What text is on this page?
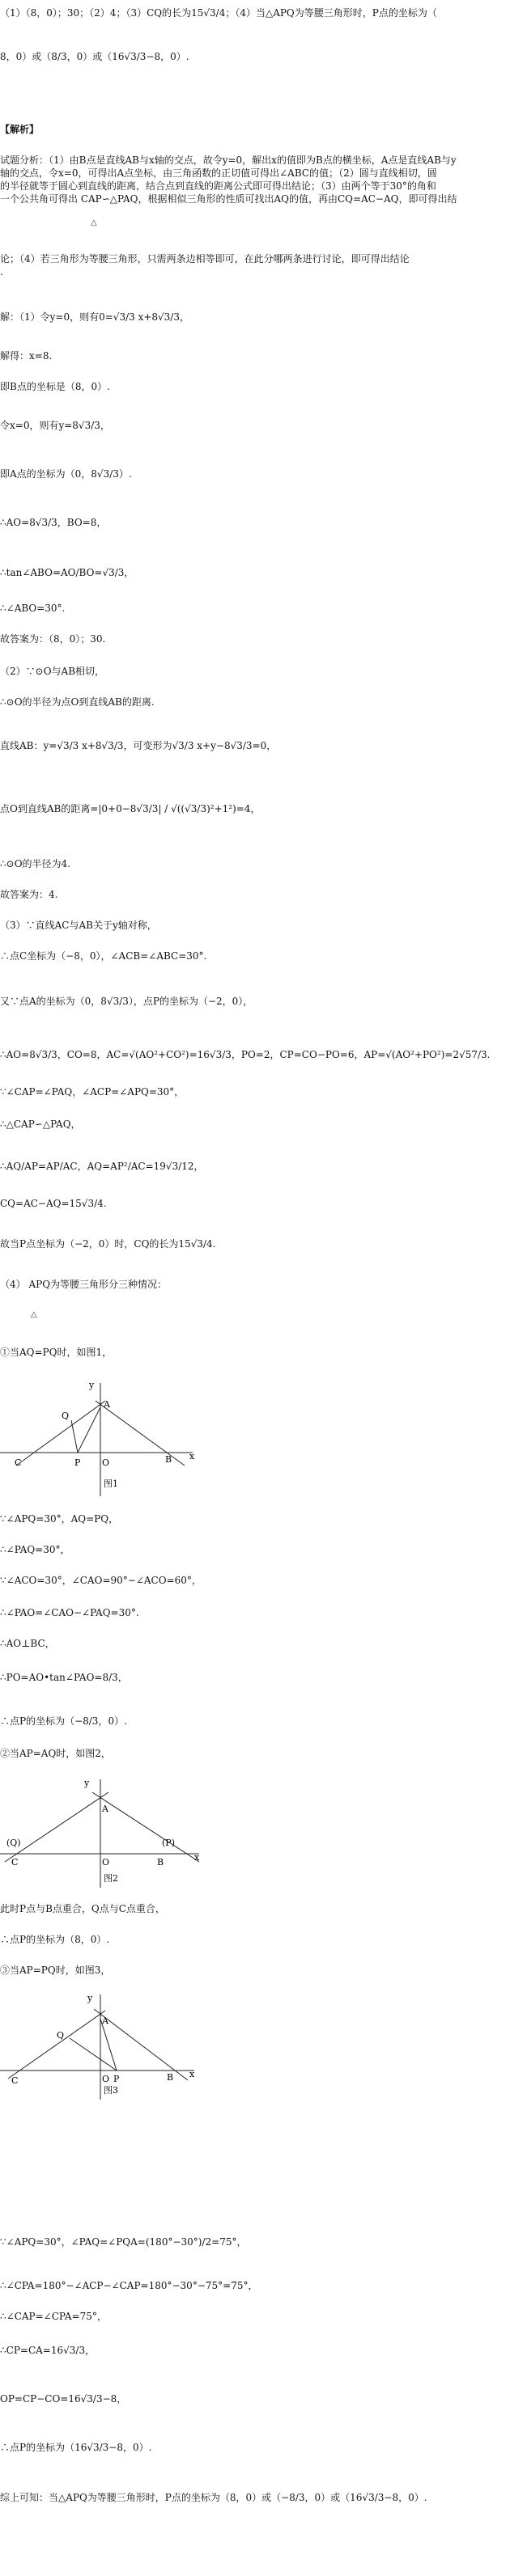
（1）（8，0）；30；（2）4；（3）CQ的长为15√3/4；（4）当△APQ为等腰三角形时，P点的坐标为（
8，0）或（8/3，0）或（16√3/3−8，0）.
【解析】
试题分析：（1）由B点是直线AB与x轴的交点，故令y=0，解出x的值即为B点的横坐标，A点是直线AB与y
轴的交点，令x=0，可得出A点坐标，由三角函数的正切值可得出∠ABC的值；（2）圆与直线相切，圆
的半径就等于圆心到直线的距离，结合点到直线的距离公式即可得出结论；（3）由两个等于30°的角和
一个公共角可得出 CAP∽△PAQ，根据相似三角形的性质可找出AQ的值，再由CQ=AC−AQ，即可得出结
△
论；（4）若三角形为等腰三角形，只需两条边相等即可，在此分哪两条进行讨论，即可得出结论
.
解：（1）令y=0，则有0=√3/3 x+8√3/3，
解得：x=8.
即B点的坐标是（8，0）.
令x=0，则有y=8√3/3，
即A点的坐标为（0，8√3/3）.
∴AO=8√3/3，BO=8，
∴tan∠ABO=AO/BO=√3/3，
∴∠ABO=30°.
故答案为：（8，0）；30.
（2）∵⊙O与AB相切，
∴⊙O的半径为点O到直线AB的距离.
直线AB：y=√3/3 x+8√3/3，可变形为√3/3 x+y−8√3/3=0，
点O到直线AB的距离=|0+0−8√3/3| / √((√3/3)²+1²)=4，
∴⊙O的半径为4.
故答案为：4.
（3）∵直线AC与AB关于y轴对称，
∴点C坐标为（−8，0），∠ACB=∠ABC=30°.
又∵点A的坐标为（0，8√3/3），点P的坐标为（−2，0），
∴AO=8√3/3，CO=8，AC=√(AO²+CO²)=16√3/3，PO=2，CP=CO−PO=6，AP=√(AO²+PO²)=2√57/3.
∵∠CAP=∠PAQ，∠ACP=∠APQ=30°，
∴△CAP∽△PAQ，
∴AQ/AP=AP/AC，AQ=AP²/AC=19√3/12，
CQ=AC−AQ=15√3/4.
故当P点坐标为（−2，0）时，CQ的长为15√3/4.
（4） APQ为等腰三角形分三种情况：
△
①当AQ=PQ时，如图1，
y
A
Q
C	P O	B x
图1
∵∠APQ=30°，AQ=PQ，
∴∠PAQ=30°，
∵∠ACO=30°，∠CAO=90°−∠ACO=60°，
∴∠PAO=∠CAO−∠PAQ=30°.
∴AO⊥BC，
∴PO=AO•tan∠PAO=8/3，
∴点P的坐标为（−8/3，0）.
②当AP=AQ时，如图2，
y
A
(Q)
C	O	B
(P)
x
图2
此时P点与B点重合，Q点与C点重合，
∴点P的坐标为（8，0）.
③当AP=PQ时，如图3，
y
A
Q
C	O P	B x
图3
∵∠APQ=30°，∠PAQ=∠PQA=(180°−30°)/2=75°，
∴∠CPA=180°−∠ACP−∠CAP=180°−30°−75°=75°，
∴∠CAP=∠CPA=75°，
∴CP=CA=16√3/3，
OP=CP−CO=16√3/3−8，
∴点P的坐标为（16√3/3−8，0）.
综上可知：当△APQ为等腰三角形时，P点的坐标为（8，0）或（−8/3，0）或（16√3/3−8，0）.
